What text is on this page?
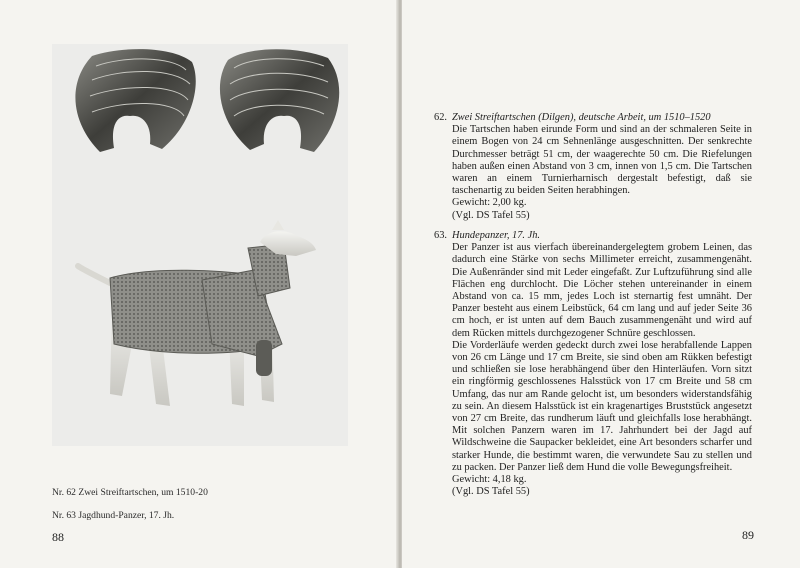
Nr. 62 Zwei Streiftartschen, um 1510-20
Nr. 63 Jagdhund-Panzer, 17. Jh.
88
62. Zwei Streiftartschen (Dilgen), deutsche Arbeit, um 1510–1520

Die Tartschen haben eirunde Form und sind an der schmaleren Seite in einem Bogen von 24 cm Sehnenlänge ausgeschnitten. Der senkrechte Durchmesser beträgt 51 cm, der waagerechte 50 cm. Die Riefelungen haben außen einen Abstand von 3 cm, innen von 1,5 cm. Die Tartschen waren an einem Turnierharnisch dergestalt befestigt, daß sie taschenartig zu beiden Seiten herabhingen.

Gewicht: 2,00 kg.

(Vgl. DS Tafel 55)

63. Hundepanzer, 17. Jh.

Der Panzer ist aus vierfach übereinandergelegtem grobem Leinen, das dadurch eine Stärke von sechs Millimeter erreicht, zusammengenäht. Die Außenränder sind mit Leder eingefaßt. Zur Luftzuführung sind alle Flächen eng durchlocht. Die Löcher stehen untereinander in einem Abstand von ca. 15 mm, jedes Loch ist sternartig fest umnäht. Der Panzer besteht aus einem Leibstück, 64 cm lang und auf jeder Seite 36 cm hoch, er ist unten auf dem Bauch zusammengenäht und wird auf dem Rücken mittels durchgezogener Schnüre geschlossen.

Die Vorderläufe werden gedeckt durch zwei lose herabfallende Lappen von 26 cm Länge und 17 cm Breite, sie sind oben am Rükken befestigt und schließen sie lose herabhängend über den Hinterläufen. Vorn sitzt ein ringförmig geschlossenes Halsstück von 17 cm Breite und 58 cm Umfang, das nur am Rande gelocht ist, um besonders widerstandsfähig zu sein. An diesem Halsstück ist ein kragenartiges Bruststück angesetzt von 27 cm Breite, das rundherum läuft und gleichfalls lose herabhängt. Mit solchen Panzern waren im 17. Jahrhundert bei der Jagd auf Wildschweine die Saupacker bekleidet, eine Art besonders scharfer und starker Hunde, die bestimmt waren, die verwundete Sau zu stellen und zu packen. Der Panzer ließ dem Hund die volle Bewegungsfreiheit.

Gewicht: 4,18 kg.

(Vgl. DS Tafel 55)

89
